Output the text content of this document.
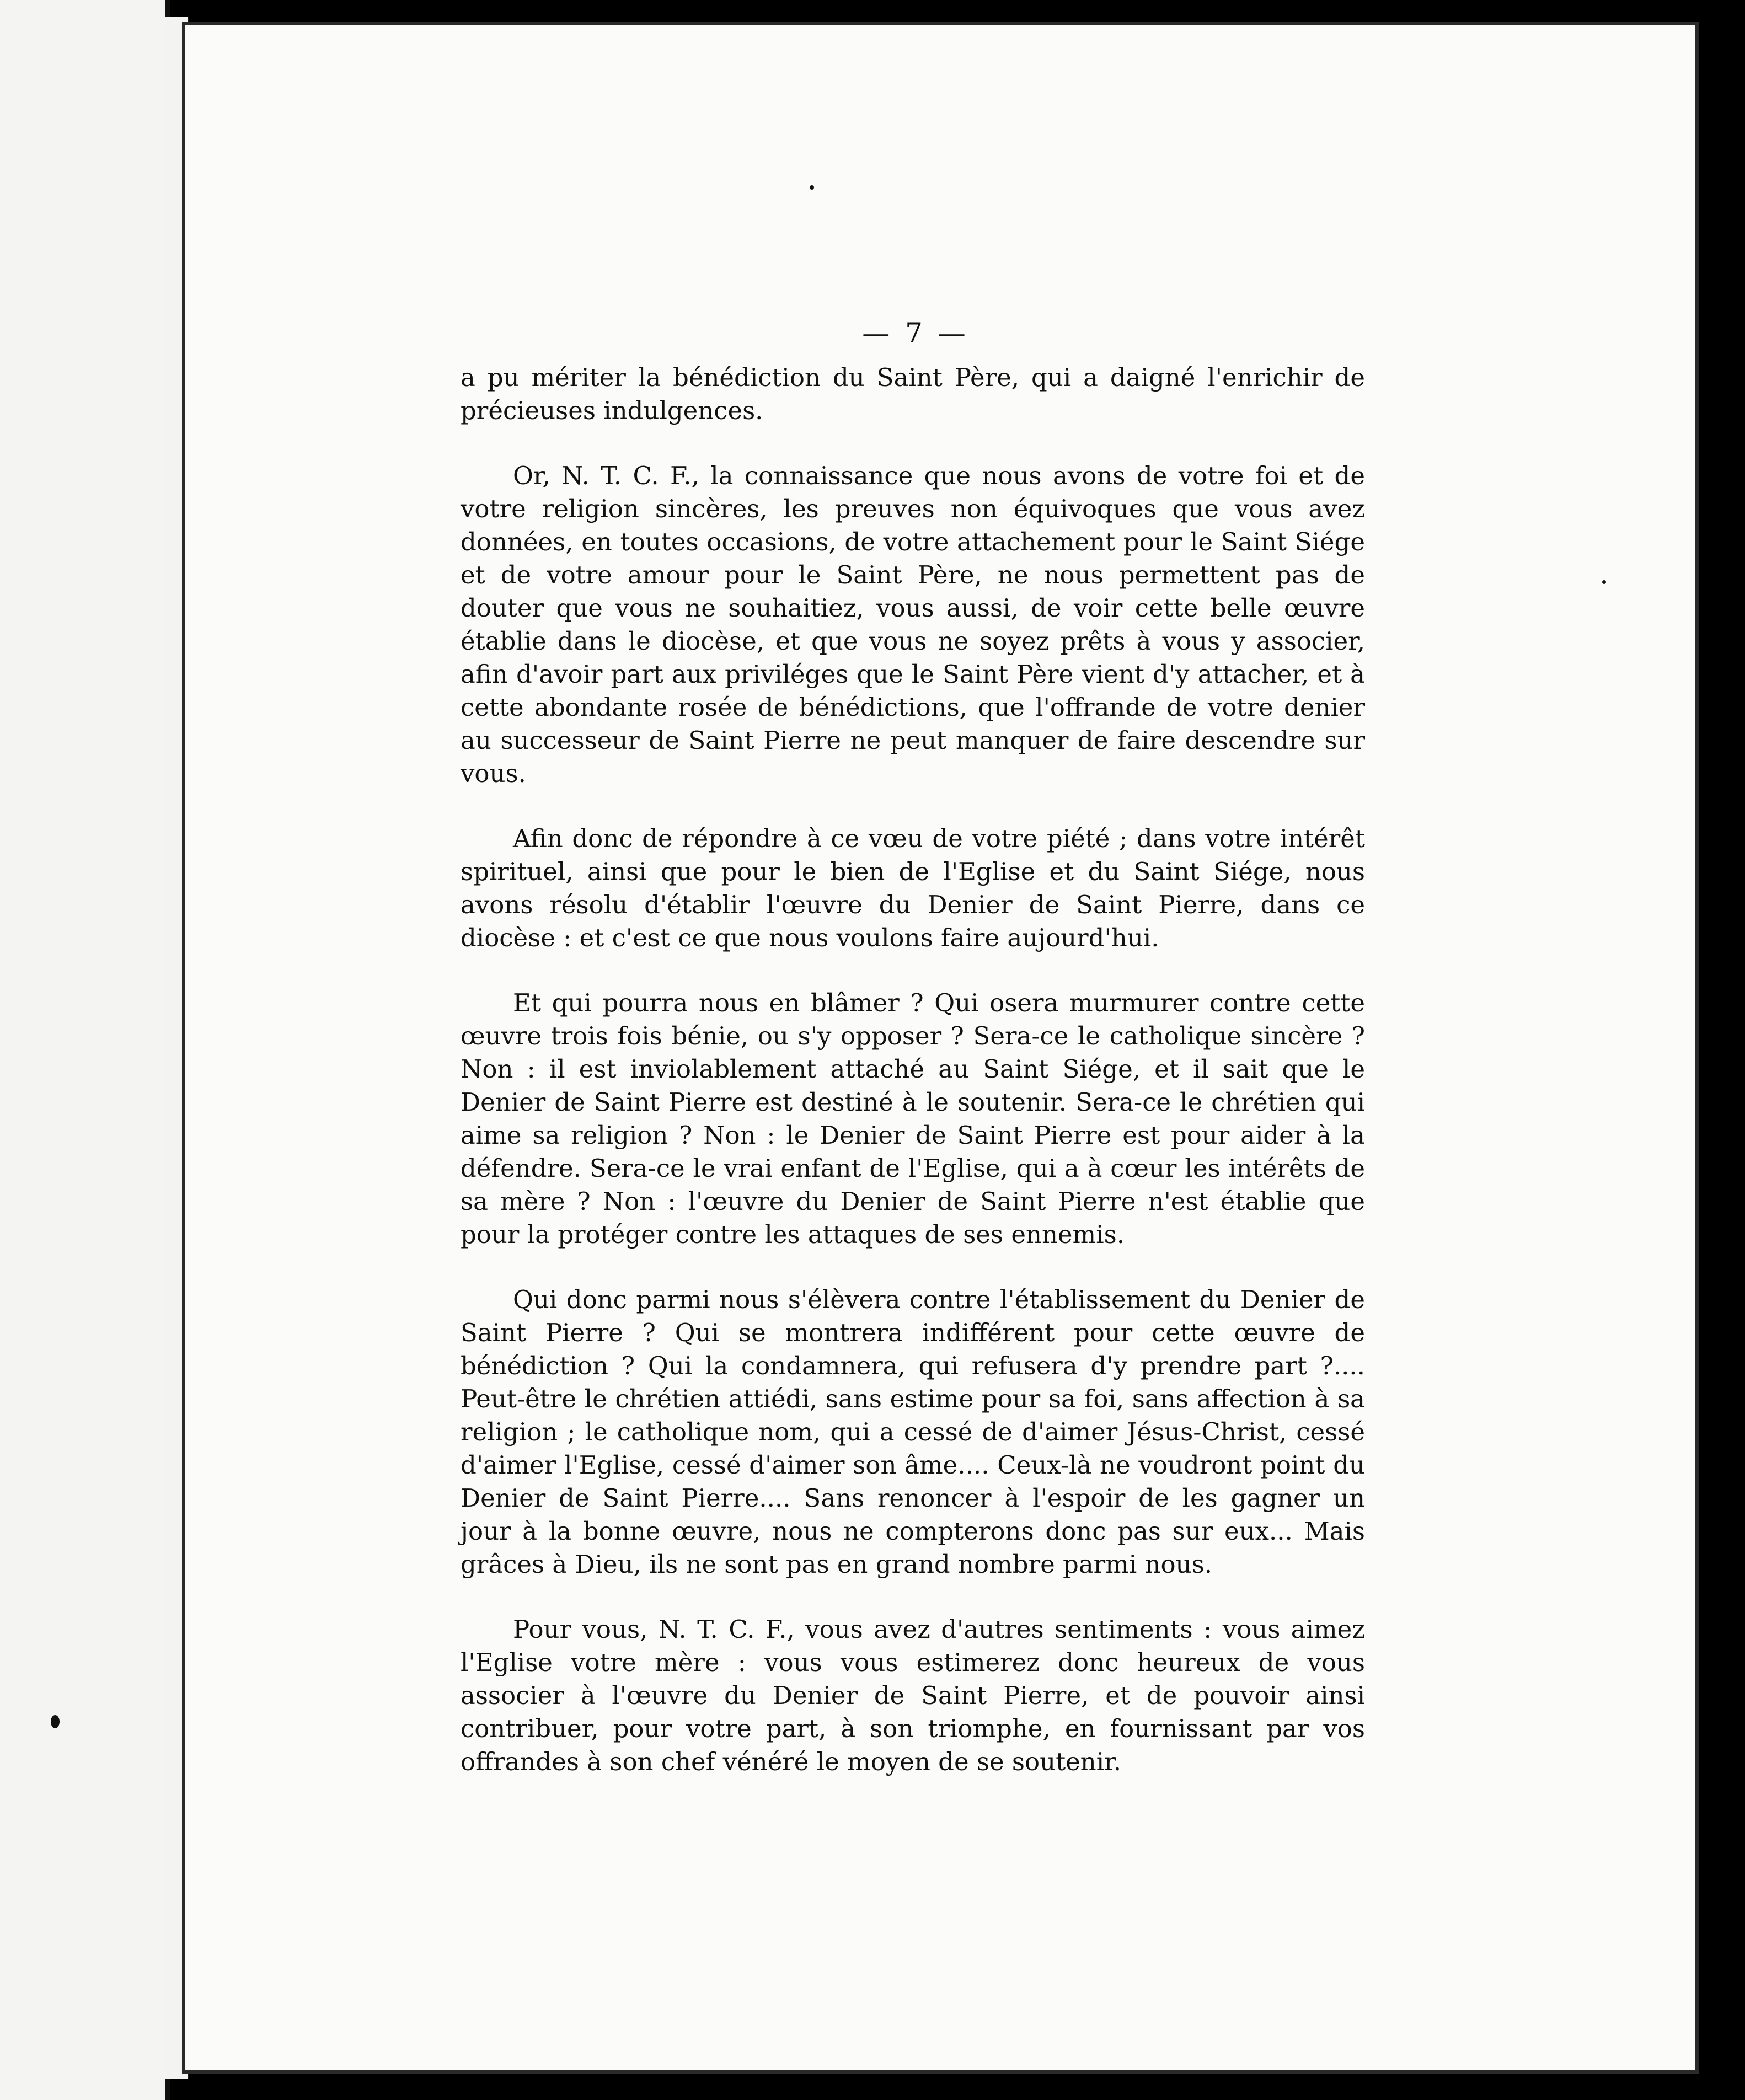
— 7 —

a pu mériter la bénédiction du Saint Père, qui a daigné l'enrichir de précieuses indulgences.

Or, N. T. C. F., la connaissance que nous avons de votre foi et de votre religion sincères, les preuves non équivoques que vous avez données, en toutes occasions, de votre attachement pour le Saint Siége et de votre amour pour le Saint Père, ne nous permettent pas de douter que vous ne souhaitiez, vous aussi, de voir cette belle œuvre établie dans le diocèse, et que vous ne soyez prêts à vous y associer, afin d'avoir part aux priviléges que le Saint Père vient d'y attacher, et à cette abondante rosée de bénédictions, que l'offrande de votre denier au successeur de Saint Pierre ne peut manquer de faire descendre sur vous.

Afin donc de répondre à ce vœu de votre piété ; dans votre intérêt spirituel, ainsi que pour le bien de l'Eglise et du Saint Siége, nous avons résolu d'établir l'œuvre du Denier de Saint Pierre, dans ce diocèse : et c'est ce que nous voulons faire aujourd'hui.

Et qui pourra nous en blâmer ? Qui osera murmurer contre cette œuvre trois fois bénie, ou s'y opposer ? Sera-ce le catholique sincère ? Non : il est inviolablement attaché au Saint Siége, et il sait que le Denier de Saint Pierre est destiné à le soutenir. Sera-ce le chrétien qui aime sa religion ? Non : le Denier de Saint Pierre est pour aider à la défendre. Sera-ce le vrai enfant de l'Eglise, qui a à cœur les intérêts de sa mère ? Non : l'œuvre du Denier de Saint Pierre n'est établie que pour la protéger contre les attaques de ses ennemis.

Qui donc parmi nous s'élèvera contre l'établissement du Denier de Saint Pierre ? Qui se montrera indifférent pour cette œuvre de bénédiction ? Qui la condamnera, qui refusera d'y prendre part ?.... Peut-être le chrétien attiédi, sans estime pour sa foi, sans affection à sa religion ; le catholique nom, qui a cessé de d'aimer Jésus-Christ, cessé d'aimer l'Eglise, cessé d'aimer son âme.... Ceux-là ne voudront point du Denier de Saint Pierre.... Sans renoncer à l'espoir de les gagner un jour à la bonne œuvre, nous ne compterons donc pas sur eux... Mais grâces à Dieu, ils ne sont pas en grand nombre parmi nous.

Pour vous, N. T. C. F., vous avez d'autres sentiments : vous aimez l'Eglise votre mère : vous vous estimerez donc heureux de vous associer à l'œuvre du Denier de Saint Pierre, et de pouvoir ainsi contribuer, pour votre part, à son triomphe, en fournissant par vos offrandes à son chef vénéré le moyen de se soutenir.
